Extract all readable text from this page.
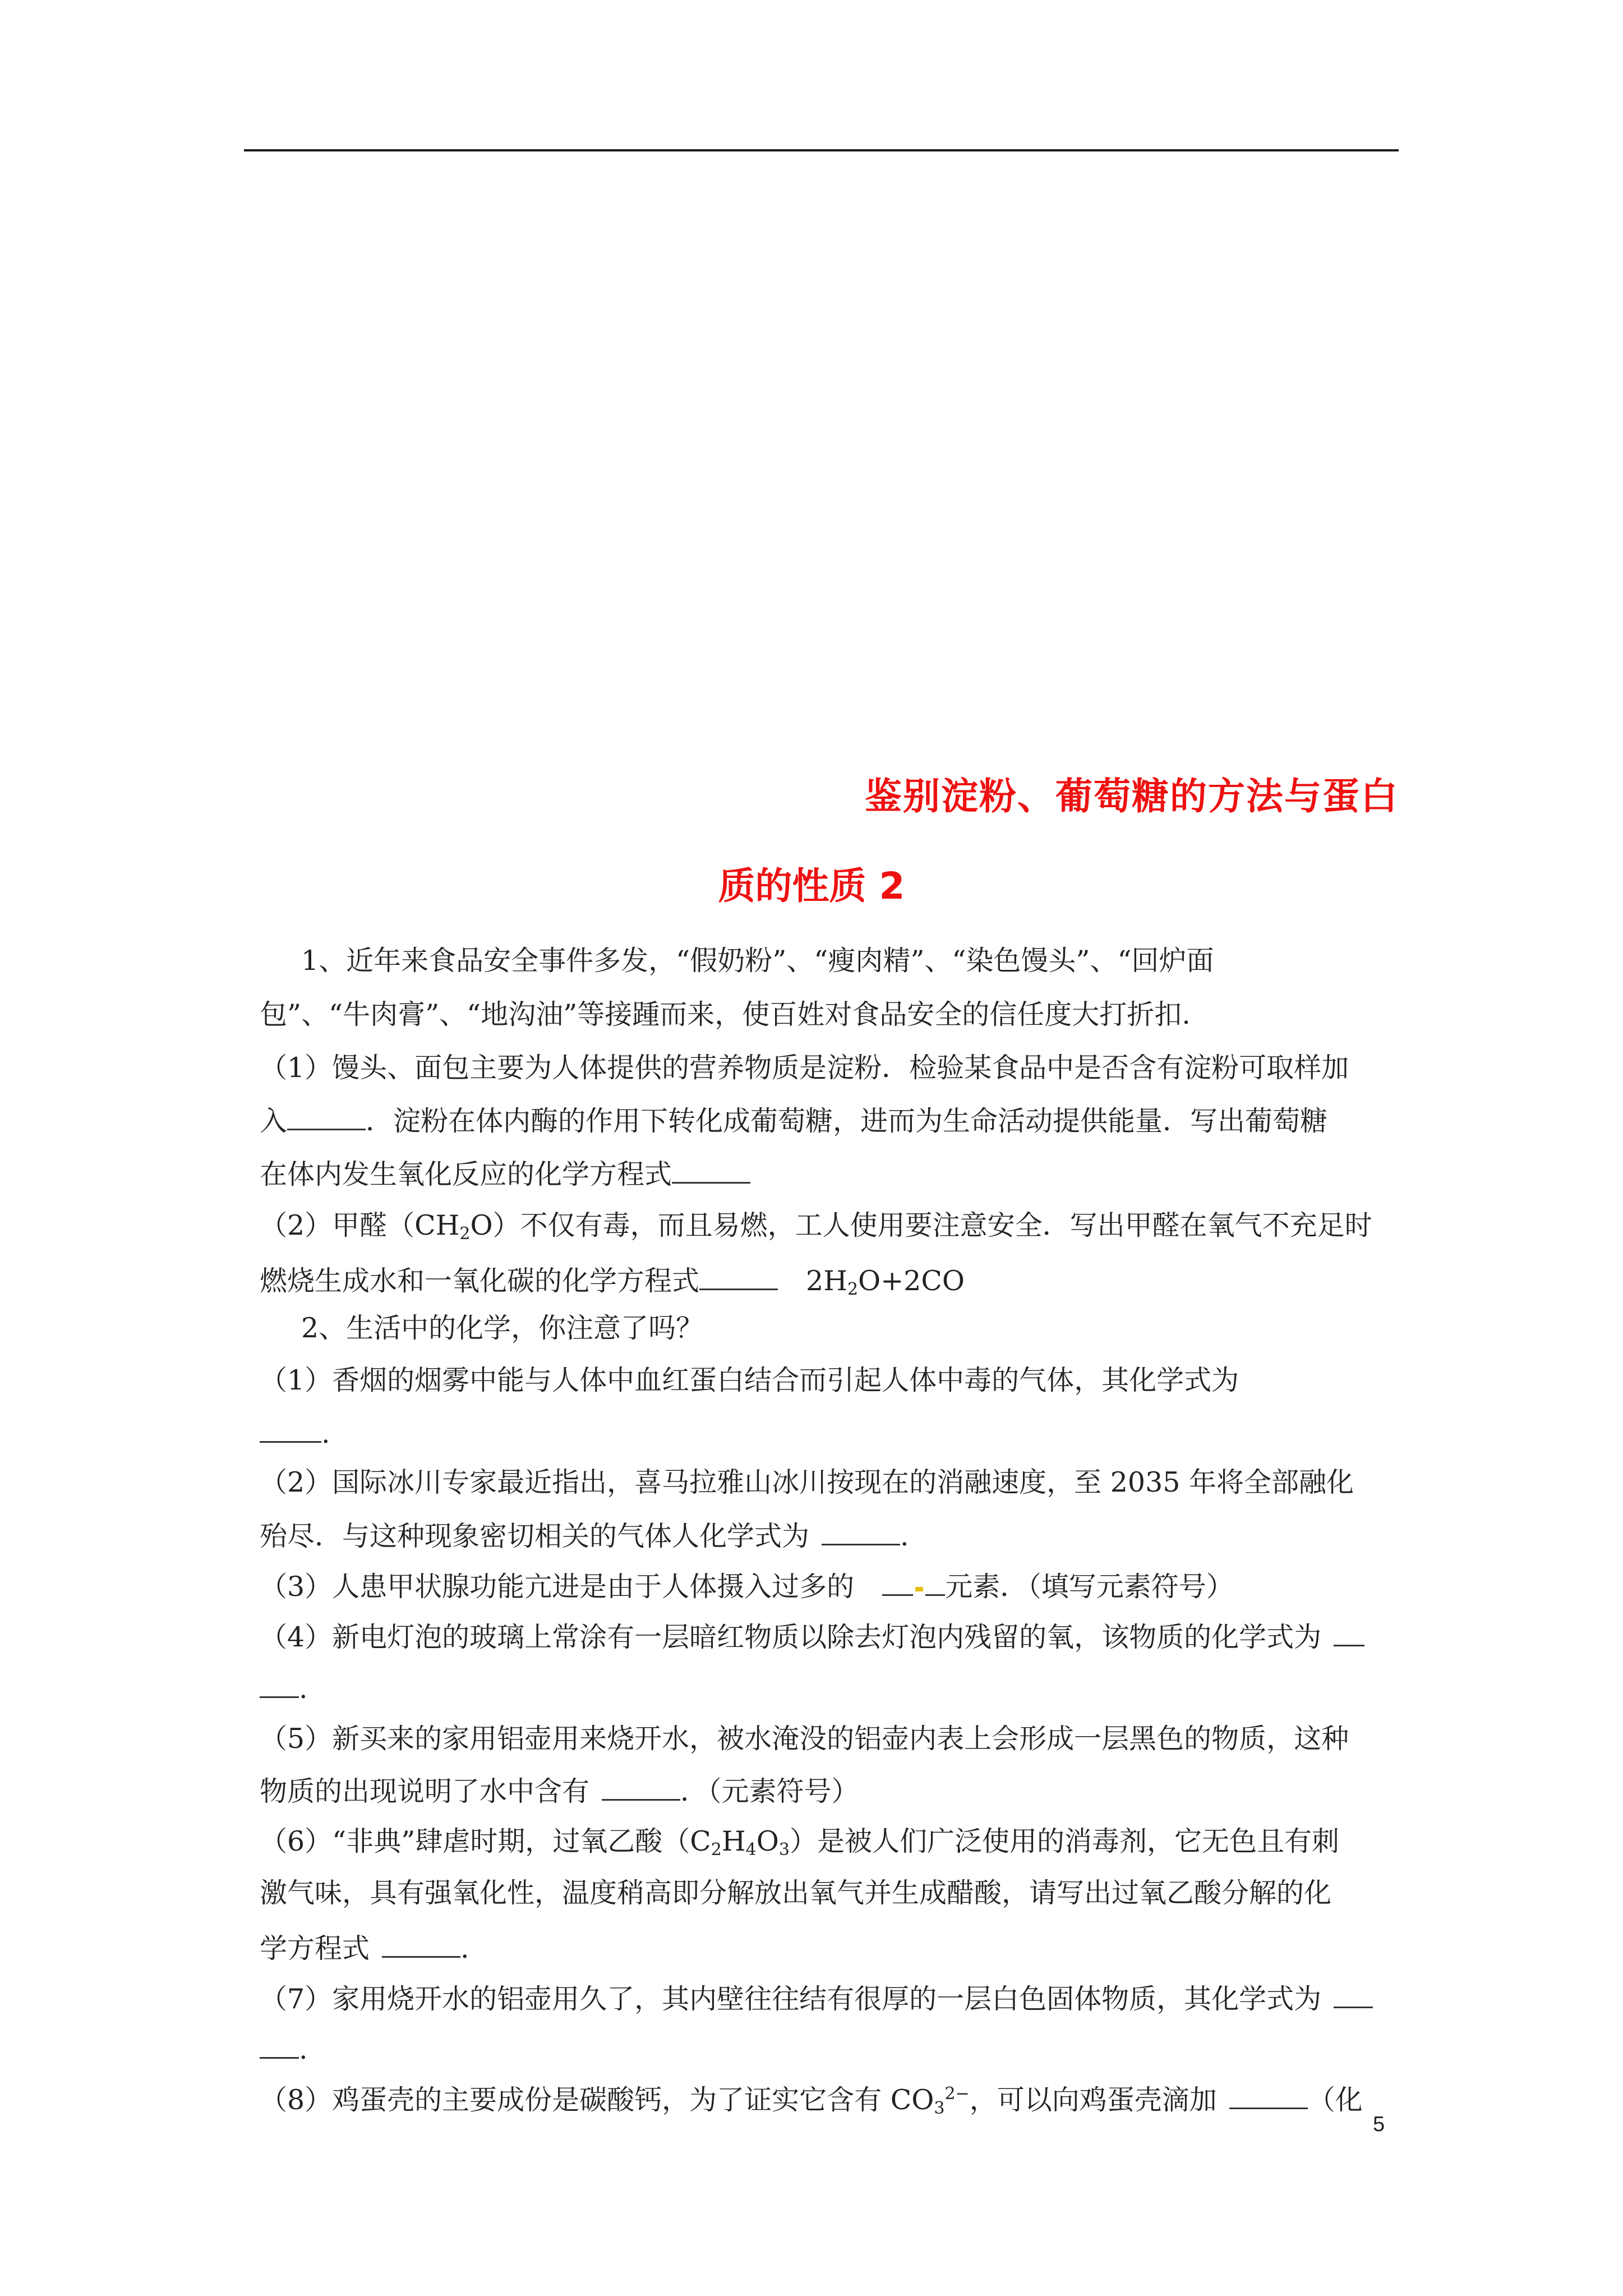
鉴别淀粉、葡萄糖的方法与蛋白
质的性质 2
1、近年来食品安全事件多发，“假奶粉”、“瘦肉精”、“染色馒头”、“回炉面
包”、“牛肉膏”、“地沟油”等接踵而来，使百姓对食品安全的信任度大打折扣.
（1）馒头、面包主要为人体提供的营养物质是淀粉．检验某食品中是否含有淀粉可取样加
入	．淀粉在体内酶的作用下转化成葡萄糖，进而为生命活动提供能量．写出葡萄糖
在体内发生氧化反应的化学方程式
（2）甲醛$(CH_2O)$不仅有毒，而且易燃，工人使用要注意安全．写出甲醛在氧气不充足时
燃烧生成水和一氧化碳的化学方程式	$2H_2O+2CO$
2、生活中的化学，你注意了吗？
（1）香烟的烟雾中能与人体中血红蛋白结合而引起人体中毒的气体，其化学式为
.
（2）国际冰川专家最近指出，喜马拉雅山冰川按现在的消融速度，至 2035 年将全部融化
殆尽．与这种现象密切相关的气体人化学式为	.
（3）人患甲状腺功能亢进是由于人体摄入过多的	元素．（填写元素符号）
（4）新电灯泡的玻璃上常涂有一层暗红物质以除去灯泡内残留的氧，该物质的化学式为
.
（5）新买来的家用铝壶用来烧开水，被水淹没的铝壶内表上会形成一层黑色的物质，这种
物质的出现说明了水中含有	．（元素符号）
（6）“非典”肆虐时期，过氧乙酸$(C_2H_4O_3)$是被人们广泛使用的消毒剂，它无色且有刺
激气味，具有强氧化性，温度稍高即分解放出氧气并生成醋酸，请写出过氧乙酸分解的化
学方程式	.
（7）家用烧开水的铝壶用久了，其内壁往往结有很厚的一层白色固体物质，其化学式为
.
（8）鸡蛋壳的主要成份是碳酸钙，为了证实它含有 $CO_3^{2-}$，可以向鸡蛋壳滴加	（化
5
